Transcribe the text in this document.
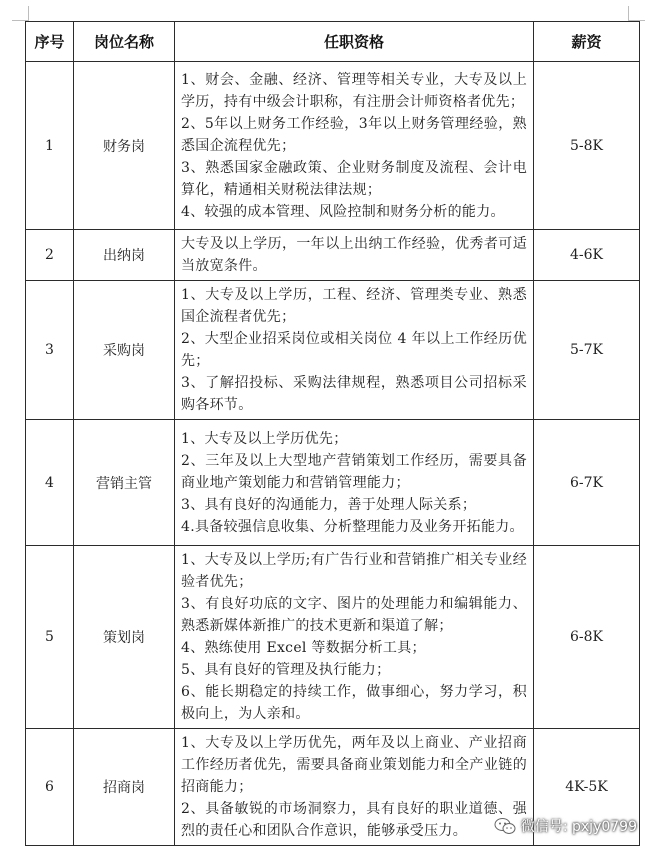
序号	岗位名称	任职资格	薪资
1	财务岗	1、财会、金融、经济、管理等相关专业，大专及以上学历，持有中级会计职称，有注册会计师资格者优先；
2、5年以上财务工作经验，3年以上财务管理经验，熟悉国企流程优先；
3、熟悉国家金融政策、企业财务制度及流程、会计电算化，精通相关财税法律法规；
4、较强的成本管理、风险控制和财务分析的能力。	5-8K
2	出纳岗	大专及以上学历，一年以上出纳工作经验，优秀者可适当放宽条件。	4-6K
3	采购岗	1、大专及以上学历，工程、经济、管理类专业、熟悉国企流程者优先；
2、大型企业招采岗位或相关岗位 4 年以上工作经历优先；
3、了解招投标、采购法律规程，熟悉项目公司招标采购各环节。	5-7K
4	营销主管	1、大专及以上学历优先；
2、三年及以上大型地产营销策划工作经历，需要具备商业地产策划能力和营销管理能力；
3、具有良好的沟通能力，善于处理人际关系；
4.具备较强信息收集、分析整理能力及业务开拓能力。	6-7K
5	策划岗	1、大专及以上学历;有广告行业和营销推广相关专业经验者优先；
3、有良好功底的文字、图片的处理能力和编辑能力、熟悉新媒体新推广的技术更新和渠道了解；
4、熟练使用 Excel 等数据分析工具；
5、具有良好的管理及执行能力；
6、能长期稳定的持续工作，做事细心，努力学习，积极向上，为人亲和。	6-8K
6	招商岗	1、大专及以上学历优先，两年及以上商业、产业招商工作经历者优先，需要具备商业策划能力和全产业链的招商能力；
2、具备敏锐的市场洞察力，具有良好的职业道德、强烈的责任心和团队合作意识，能够承受压力。	4K-5K
微信号: pxjy0799
